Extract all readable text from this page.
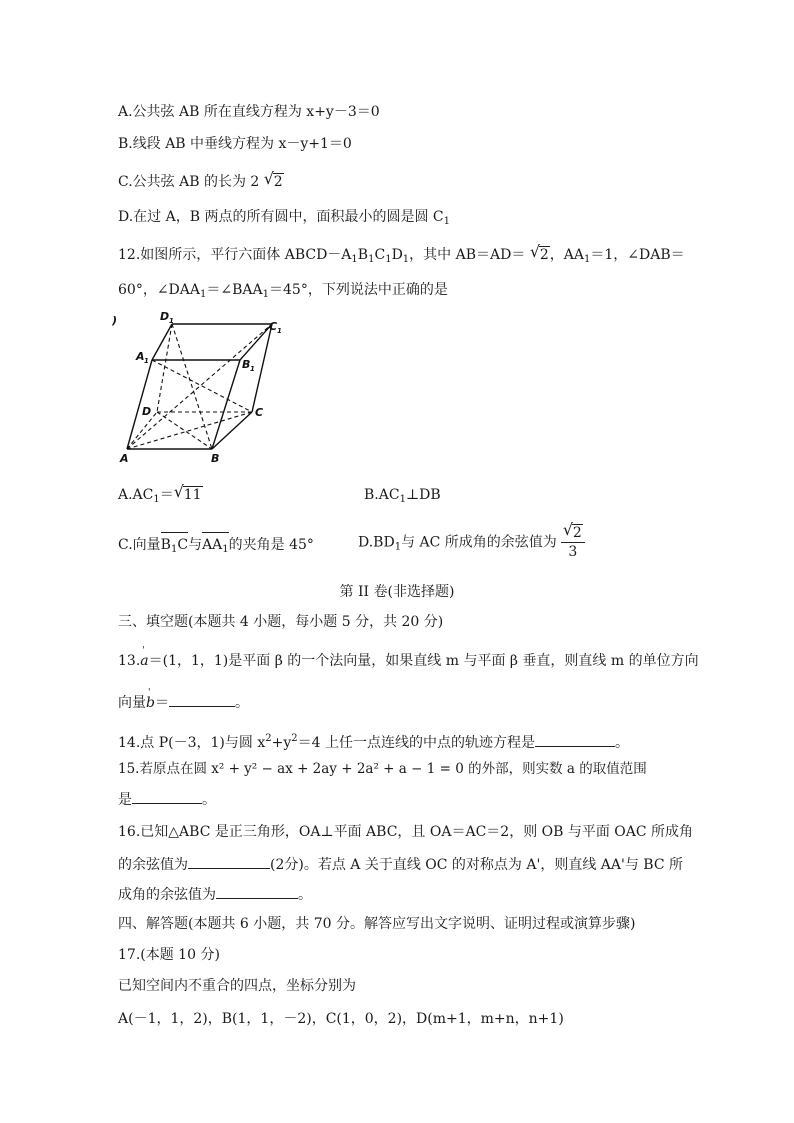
A.公共弦 AB 所在直线方程为 x+y－3＝0
B.线段 AB 中垂线方程为 x－y+1＝0
C.公共弦 AB 的长为 2 √ 2
D.在过 A，B 两点的所有圆中，面积最小的圆是圆 $C_1$
12.如图所示，平行六面体 $ABCD-A_1B_1C_1D_1$，其中 AB＝AD＝ √ 2，$AA_1=1$，∠DAB＝
60°，$\angle DAA_1=\angle BAA_1=45^\circ$，下列说法中正确的是
)	D 1	C 1
A 1	B 1
D	C
A	B
$A.AC_1=$ √ 11	$B.AC_1\perp DB$
C.向量$B_1C$与$AA_1$的夹角是 45°	$D.BD_1$与 AC 所成角的余弦值为 $\frac{√ 2}{3}$
第 II 卷(非选择题)
三、填空题(本题共 4 小题，每小题 5 分，共 20 分)
13.' a＝(1，1，1)是平面 β 的一个法向量，如果直线 m 与平面 β 垂直，则直线 m 的单位方向
向量' b＝	。
14.点 P(－3，1)与圆 $x^2+y^2=4$ 上任一点连线的中点的轨迹方程是	。
15.若原点在圆 x² + y² − ax + 2ay + 2a² + a − 1 = 0 的外部，则实数 a 的取值范围
是	。
16.已知△ABC 是正三角形，OA⊥平面 ABC，且 OA＝AC＝2，则 OB 与平面 OAC 所成角
的余弦值为	(2分)。若点 A 关于直线 OC 的对称点为 A'，则直线 AA'与 BC 所
成角的余弦值为	。
四、解答题(本题共 6 小题，共 70 分。解答应写出文字说明、证明过程或演算步骤)
17.(本题 10 分)
已知空间内不重合的四点，坐标分别为
A(－1，1，2)，B(1，1，－2)，C(1，0，2)，D(m+1，m+n，n+1)
